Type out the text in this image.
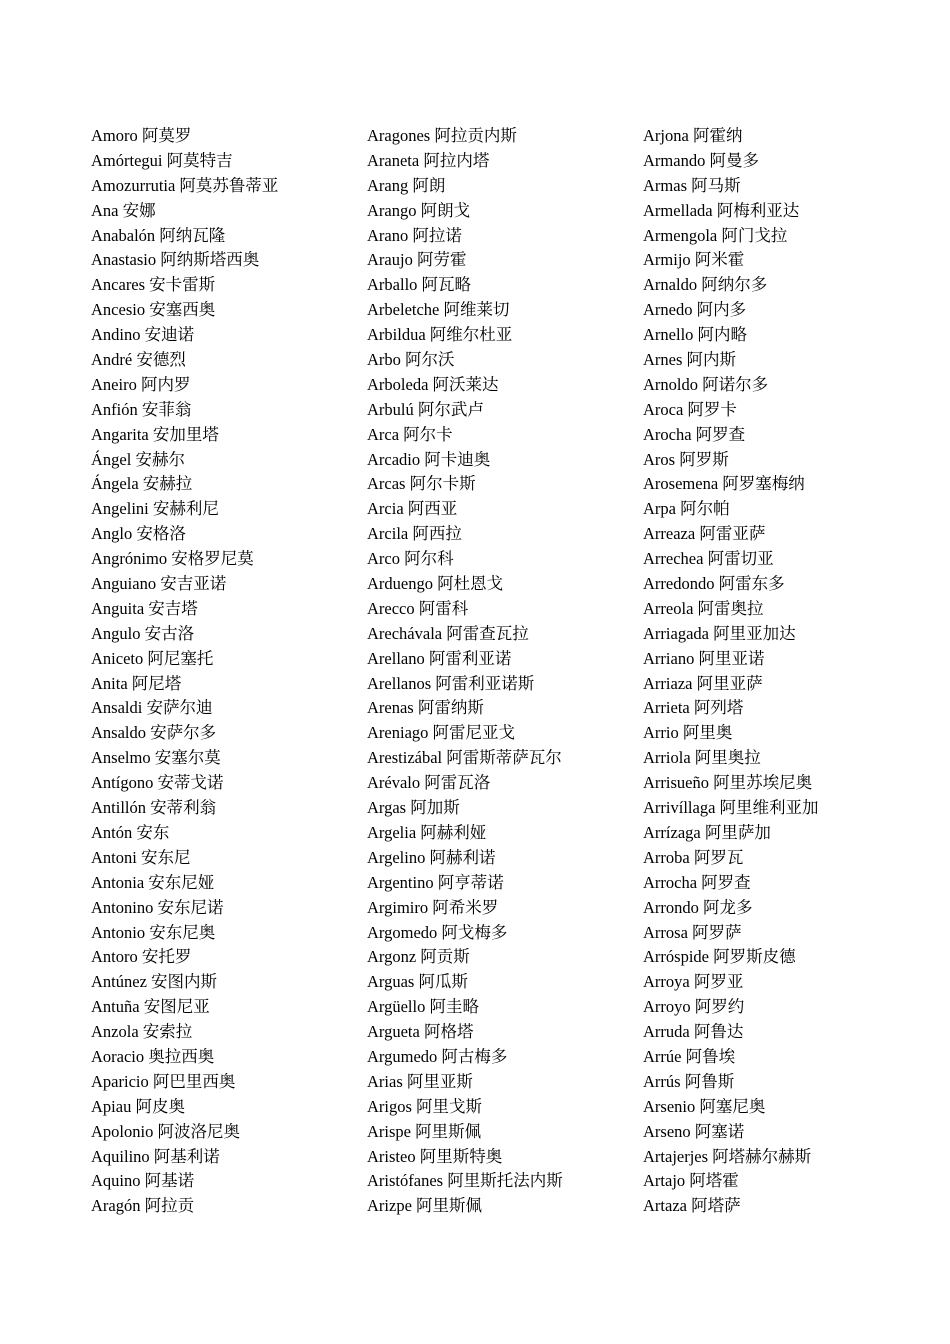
Amoro 阿莫罗
Amórtegui 阿莫特吉
Amozurrutia 阿莫苏鲁蒂亚
Ana 安娜
Anabalón 阿纳瓦隆
Anastasio 阿纳斯塔西奥
Ancares 安卡雷斯
Ancesio 安塞西奥
Andino 安迪诺
André 安德烈
Aneiro 阿内罗
Anfión 安菲翁
Angarita 安加里塔
Ángel 安赫尔
Ángela 安赫拉
Angelini 安赫利尼
Anglo 安格洛
Angrónimo 安格罗尼莫
Anguiano 安吉亚诺
Anguita 安吉塔
Angulo 安古洛
Aniceto 阿尼塞托
Anita 阿尼塔
Ansaldi 安萨尔迪
Ansaldo 安萨尔多
Anselmo 安塞尔莫
Antígono 安蒂戈诺
Antillón 安蒂利翁
Antón 安东
Antoni 安东尼
Antonia 安东尼娅
Antonino 安东尼诺
Antonio 安东尼奥
Antoro 安托罗
Antúnez 安图内斯
Antuña 安图尼亚
Anzola 安索拉
Aoracio 奥拉西奥
Aparicio 阿巴里西奥
Apiau 阿皮奥
Apolonio 阿波洛尼奥
Aquilino 阿基利诺
Aquino 阿基诺
Aragón 阿拉贡
Aragones 阿拉贡内斯
Araneta 阿拉内塔
Arang 阿朗
Arango 阿朗戈
Arano 阿拉诺
Araujo 阿劳霍
Arballo 阿瓦略
Arbeletche 阿维莱切
Arbildua 阿维尔杜亚
Arbo 阿尔沃
Arboleda 阿沃莱达
Arbulú 阿尔武卢
Arca 阿尔卡
Arcadio 阿卡迪奥
Arcas 阿尔卡斯
Arcia 阿西亚
Arcila 阿西拉
Arco 阿尔科
Arduengo 阿杜恩戈
Arecco 阿雷科
Arechávala 阿雷查瓦拉
Arellano 阿雷利亚诺
Arellanos 阿雷利亚诺斯
Arenas 阿雷纳斯
Areniago 阿雷尼亚戈
Arestizábal 阿雷斯蒂萨瓦尔
Arévalo 阿雷瓦洛
Argas 阿加斯
Argelia 阿赫利娅
Argelino 阿赫利诺
Argentino 阿亨蒂诺
Argimiro 阿希米罗
Argomedo 阿戈梅多
Argonz 阿贡斯
Arguas 阿瓜斯
Argüello 阿圭略
Argueta 阿格塔
Argumedo 阿古梅多
Arias 阿里亚斯
Arigos 阿里戈斯
Arispe 阿里斯佩
Aristeo 阿里斯特奥
Aristófanes 阿里斯托法内斯
Arizpe 阿里斯佩
Arjona 阿霍纳
Armando 阿曼多
Armas 阿马斯
Armellada 阿梅利亚达
Armengola 阿门戈拉
Armijo 阿米霍
Arnaldo 阿纳尔多
Arnedo 阿内多
Arnello 阿内略
Arnes 阿内斯
Arnoldo 阿诺尔多
Aroca 阿罗卡
Arocha 阿罗查
Aros 阿罗斯
Arosemena 阿罗塞梅纳
Arpa 阿尔帕
Arreaza 阿雷亚萨
Arrechea 阿雷切亚
Arredondo 阿雷东多
Arreola 阿雷奥拉
Arriagada 阿里亚加达
Arriano 阿里亚诺
Arriaza 阿里亚萨
Arrieta 阿列塔
Arrio 阿里奥
Arriola 阿里奥拉
Arrisueño 阿里苏埃尼奥
Arrivíllaga 阿里维利亚加
Arrízaga 阿里萨加
Arroba 阿罗瓦
Arrocha 阿罗查
Arrondo 阿龙多
Arrosa 阿罗萨
Arróspide 阿罗斯皮德
Arroya 阿罗亚
Arroyo 阿罗约
Arruda 阿鲁达
Arrúe 阿鲁埃
Arrús 阿鲁斯
Arsenio 阿塞尼奥
Arseno 阿塞诺
Artajerjes 阿塔赫尔赫斯
Artajo 阿塔霍
Artaza 阿塔萨
